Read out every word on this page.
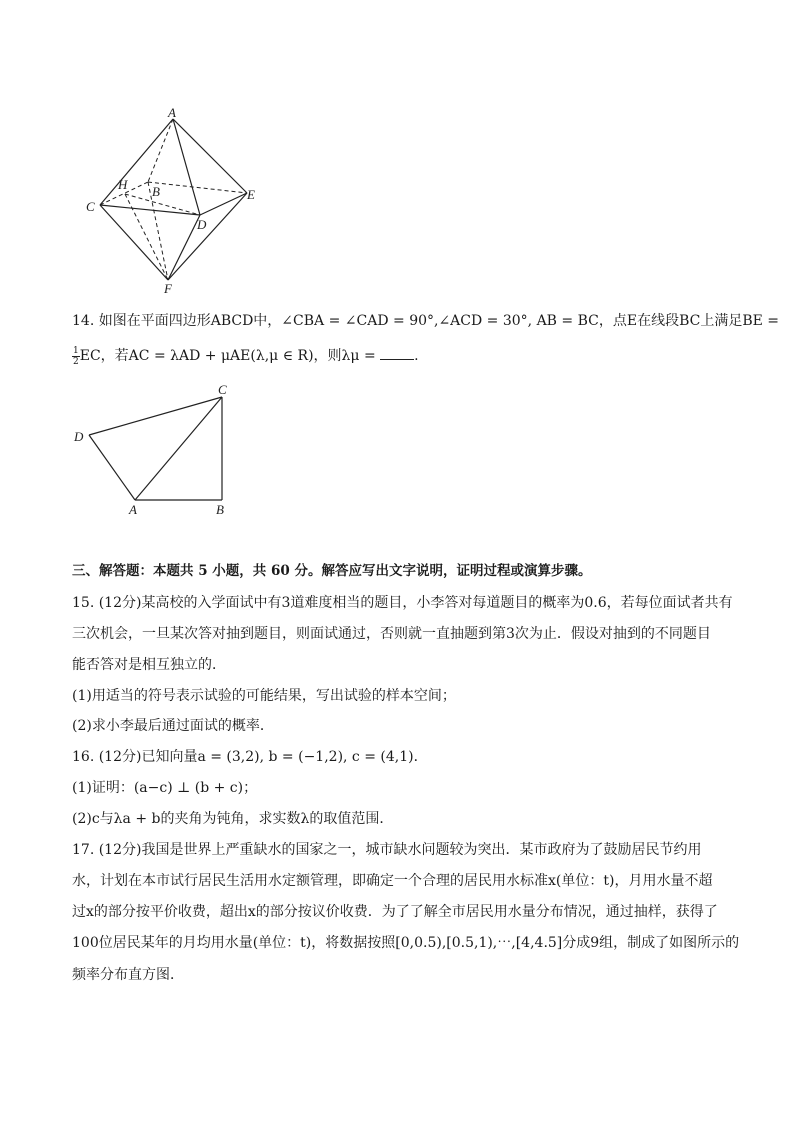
A
H B
C
D
E
F
14. 如图在平面四边形ABCD中，∠CBA = ∠CAD = 90°,∠ACD = 30°, AB = BC，点E在线段BC上满足BE =
$\frac{1}{2}$ EC，若AC = λAD + μAE(λ,μ ∈ R)，则λμ = .
C
D
A	B
三、解答题：本题共 5 小题，共 60 分。解答应写出文字说明，证明过程或演算步骤。
15. (12分)某高校的入学面试中有3道难度相当的题目，小李答对每道题目的概率为0.6，若每位面试者共有
三次机会，一旦某次答对抽到题目，则面试通过，否则就一直抽题到第3次为止．假设对抽到的不同题目
能否答对是相互独立的．
(1)用适当的符号表示试验的可能结果，写出试验的样本空间；
(2)求小李最后通过面试的概率．
16. (12分)已知向量a = (3,2), b = (−1,2), c = (4,1)．
(1)证明：(a−c) ⊥ (b + c)；
(2)c与λa + b的夹角为钝角，求实数λ的取值范围．
17. (12分)我国是世界上严重缺水的国家之一，城市缺水问题较为突出．某市政府为了鼓励居民节约用
水，计划在本市试行居民生活用水定额管理，即确定一个合理的居民用水标准x(单位：t)，月用水量不超
过x的部分按平价收费，超出x的部分按议价收费．为了了解全市居民用水量分布情况，通过抽样，获得了
100位居民某年的月均用水量(单位：t)，将数据按照[0,0.5),[0.5,1),⋯,[4,4.5]分成9组，制成了如图所示的
频率分布直方图．
